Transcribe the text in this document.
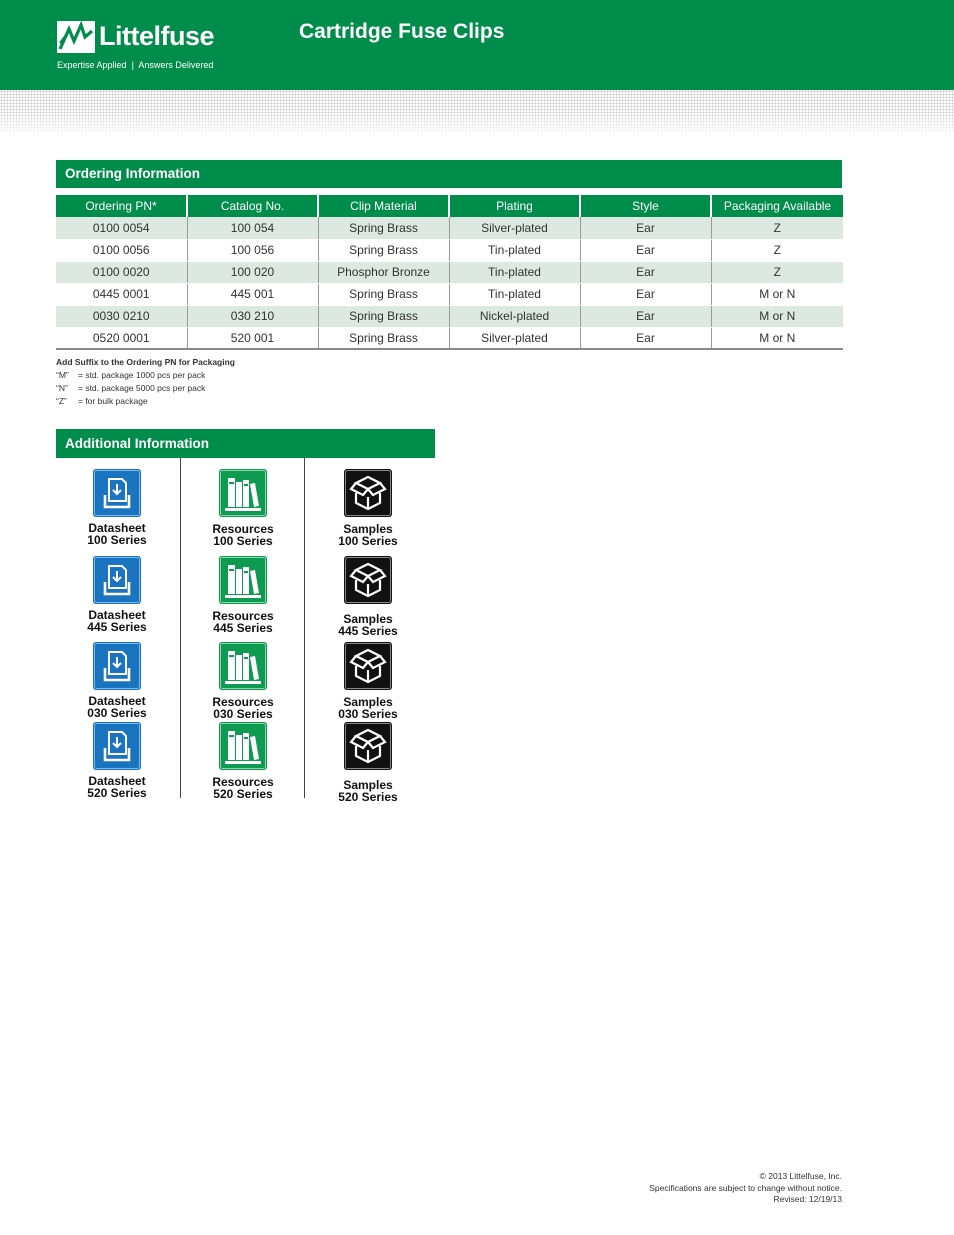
Littelfuse
Expertise Applied  |  Answers Delivered
Cartridge Fuse Clips
Ordering Information
Ordering PN*	Catalog No.	Clip Material	Plating	Style	Packaging Available
0100 0054	100 054	Spring Brass	Silver-plated	Ear	Z
0100 0056	100 056	Spring Brass	Tin-plated	Ear	Z
0100 0020	100 020	Phosphor Bronze	Tin-plated	Ear	Z
0445 0001	445 001	Spring Brass	Tin-plated	Ear	M or N
0030 0210	030 210	Spring Brass	Nickel-plated	Ear	M or N
0520 0001	520 001	Spring Brass	Silver-plated	Ear	M or N
Add Suffix to the Ordering PN for Packaging
“M” = std. package 1000 pcs per pack
“N” = std. package 5000 pcs per pack
“Z” = for bulk package
Additional Information
Datasheet
100 Series
Datasheet
445 Series
Datasheet
030 Series
Datasheet
520 Series
Resources
100 Series
Resources
445 Series
Resources
030 Series
Resources
520 Series
Samples
100 Series
Samples
445 Series
Samples
030 Series
Samples
520 Series
© 2013 Littelfuse, Inc.
Specifications are subject to change without notice.
Revised: 12/19/13
